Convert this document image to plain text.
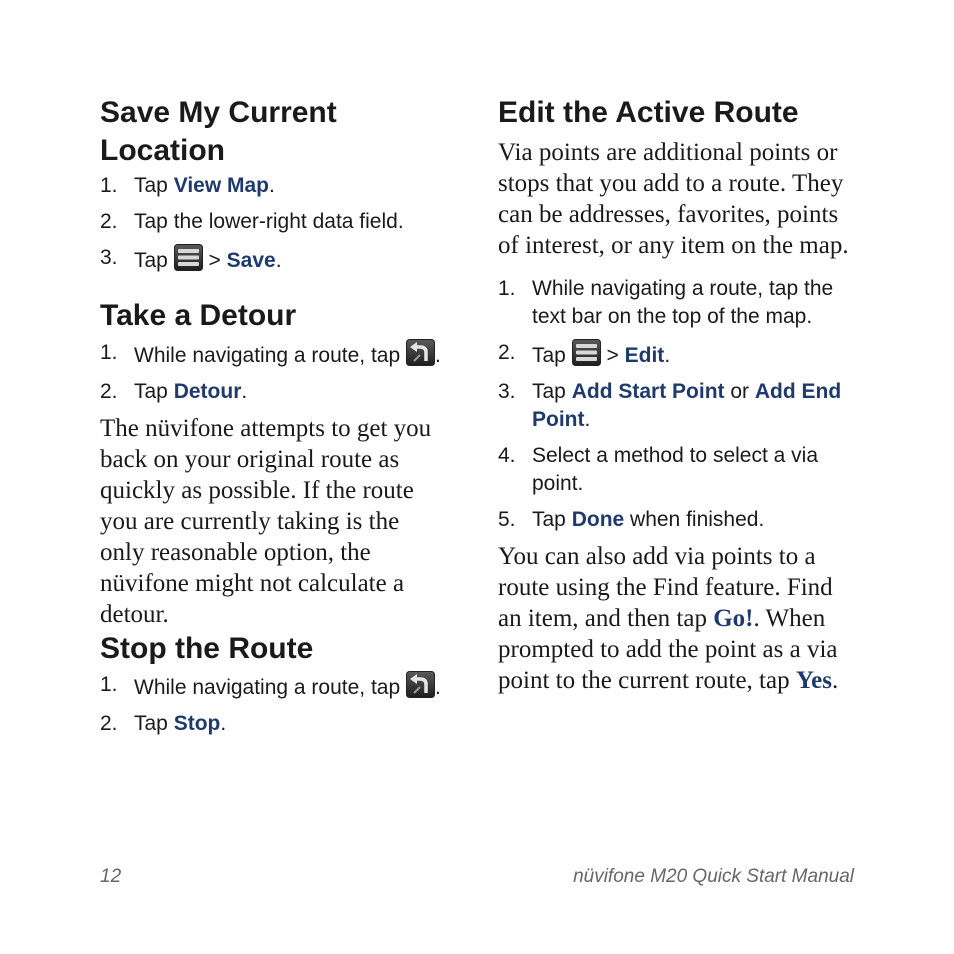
Save My Current
Location
1. Tap View Map.
2. Tap the lower-right data field.
3. Tap  > Save.
Take a Detour
1. While navigating a route, tap .
2. Tap Detour.

The nüvifone attempts to get you back on your original route as quickly as possible. If the route you are currently taking is the only reasonable option, the nüvifone might not calculate a detour.

Stop the Route
1. While navigating a route, tap .
2. Tap Stop.
Edit the Active Route

Via points are additional points or stops that you add to a route. They can be addresses, favorites, points of interest, or any item on the map.

1. While navigating a route, tap the text bar on the top of the map.
2. Tap  > Edit.
3. Tap Add Start Point or Add End Point.
4. Select a method to select a via point.
5. Tap Done when finished.

You can also add via points to a route using the Find feature. Find an item, and then tap Go!. When prompted to add the point as a via point to the current route, tap Yes.

12	nüvifone M20 Quick Start Manual
